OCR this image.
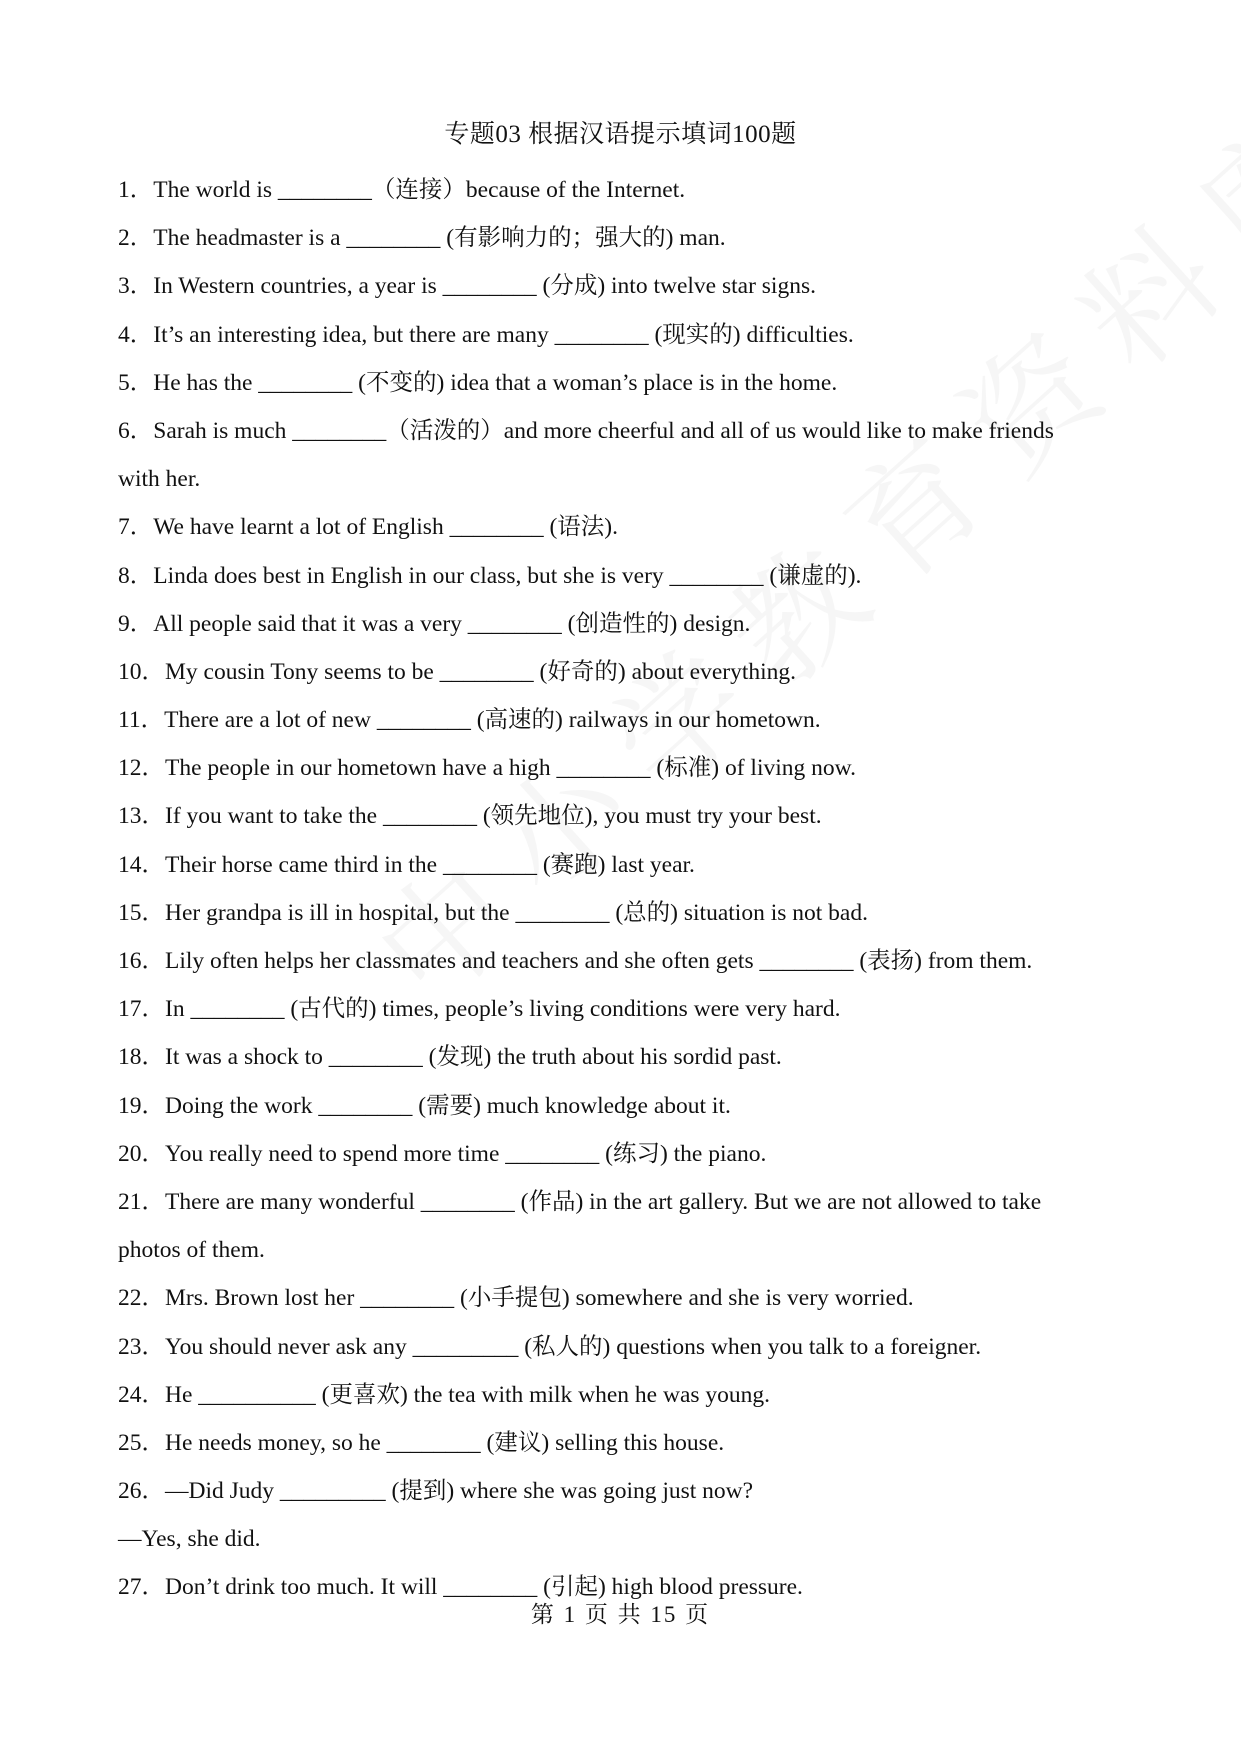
专题03 根据汉语提示填词100题
1．The world is ________（连接）because of the Internet.
2．The headmaster is a ________ (有影响力的；强大的) man.
3．In Western countries, a year is ________ (分成) into twelve star signs.
4．It’s an interesting idea, but there are many ________ (现实的) difficulties.
5．He has the ________ (不变的) idea that a woman’s place is in the home.
6．Sarah is much ________（活泼的）and more cheerful and all of us would like to make friends
with her.
7．We have learnt a lot of English ________ (语法).
8．Linda does best in English in our class, but she is very ________ (谦虚的).
9．All people said that it was a very ________ (创造性的) design.
10．My cousin Tony seems to be ________ (好奇的) about everything.
11．There are a lot of new ________ (高速的) railways in our hometown.
12．The people in our hometown have a high ________ (标准) of living now.
13．If you want to take the ________ (领先地位), you must try your best.
14．Their horse came third in the ________ (赛跑) last year.
15．Her grandpa is ill in hospital, but the ________ (总的) situation is not bad.
16．Lily often helps her classmates and teachers and she often gets ________ (表扬) from them.
17．In ________ (古代的) times, people’s living conditions were very hard.
18．It was a shock to ________ (发现) the truth about his sordid past.
19．Doing the work ________ (需要) much knowledge about it.
20．You really need to spend more time ________ (练习) the piano.
21．There are many wonderful ________ (作品) in the art gallery. But we are not allowed to take
photos of them.
22．Mrs. Brown lost her ________ (小手提包) somewhere and she is very worried.
23．You should never ask any _________ (私人的) questions when you talk to a foreigner.
24．He __________ (更喜欢) the tea with milk when he was young.
25．He needs money, so he ________ (建议) selling this house.
26．—Did Judy _________ (提到) where she was going just now?
—Yes, she did.
27．Don’t drink too much. It will ________ (引起) high blood pressure.
第 1 页 共 15 页
